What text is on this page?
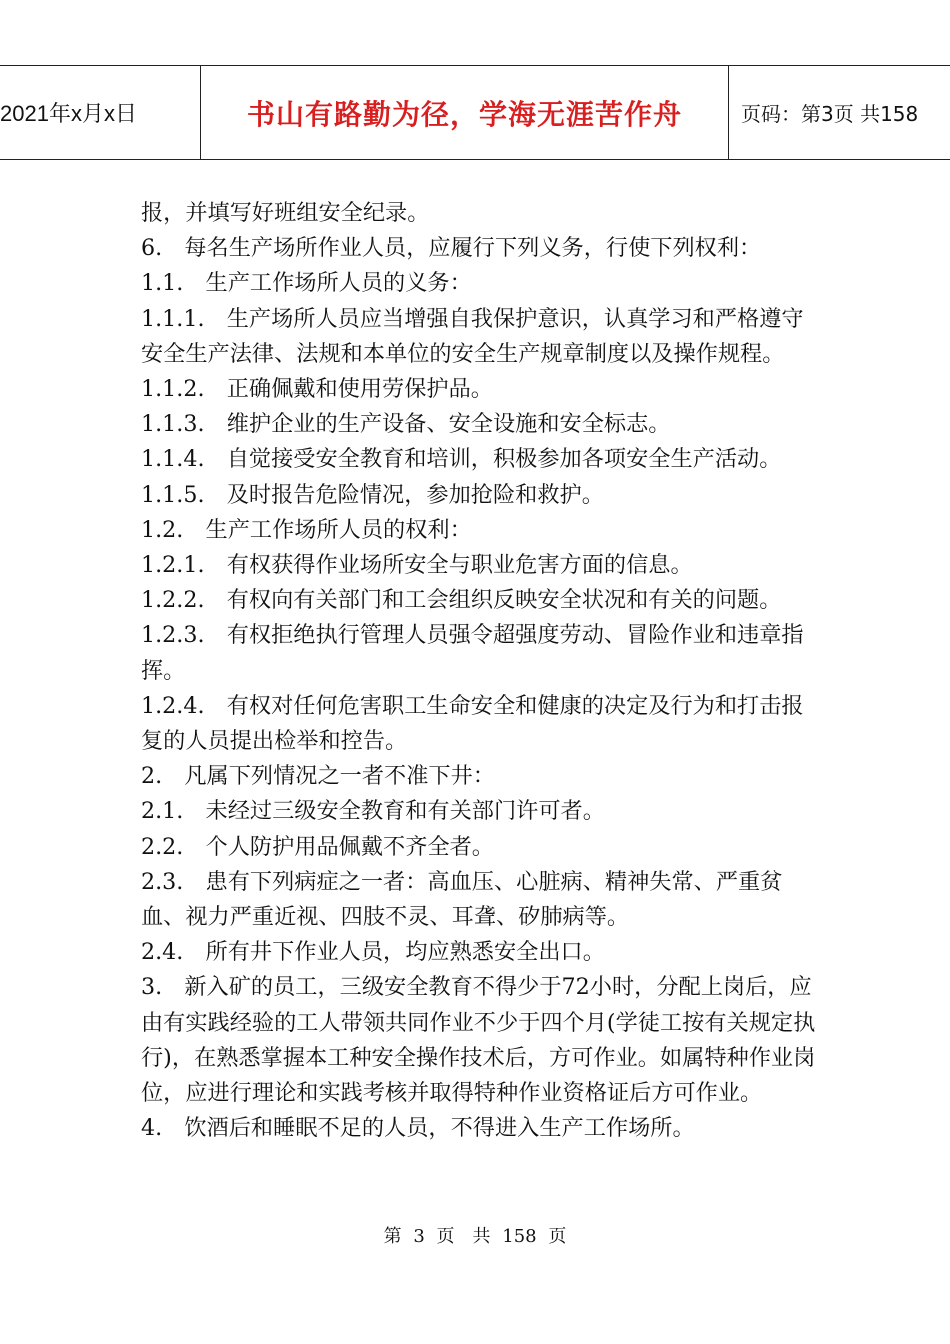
2021年x月x日	书山有路勤为径，学海无涯苦作舟	页码：第3页 共158

报，并填写好班组安全纪录。

6.　每名生产场所作业人员，应履行下列义务，行使下列权利：

1.1.　生产工作场所人员的义务：

1.1.1.　生产场所人员应当增强自我保护意识，认真学习和严格遵守安全生产法律、法规和本单位的安全生产规章制度以及操作规程。

1.1.2.　正确佩戴和使用劳保护品。

1.1.3.　维护企业的生产设备、安全设施和安全标志。

1.1.4.　自觉接受安全教育和培训，积极参加各项安全生产活动。

1.1.5.　及时报告危险情况，参加抢险和救护。

1.2.　生产工作场所人员的权利：

1.2.1.　有权获得作业场所安全与职业危害方面的信息。

1.2.2.　有权向有关部门和工会组织反映安全状况和有关的问题。

1.2.3.　有权拒绝执行管理人员强令超强度劳动、冒险作业和违章指挥。

1.2.4.　有权对任何危害职工生命安全和健康的决定及行为和打击报复的人员提出检举和控告。

2.　凡属下列情况之一者不准下井：

2.1.　未经过三级安全教育和有关部门许可者。

2.2.　个人防护用品佩戴不齐全者。

2.3.　患有下列病症之一者：高血压、心脏病、精神失常、严重贫血、视力严重近视、四肢不灵、耳聋、矽肺病等。

2.4.　所有井下作业人员，均应熟悉安全出口。

3.　新入矿的员工，三级安全教育不得少于72小时，分配上岗后，应由有实践经验的工人带领共同作业不少于四个月(学徒工按有关规定执行)，在熟悉掌握本工种安全操作技术后，方可作业。如属特种作业岗位，应进行理论和实践考核并取得特种作业资格证后方可作业。

4.　饮酒后和睡眠不足的人员，不得进入生产工作场所。

第 3 页　共 158 页
